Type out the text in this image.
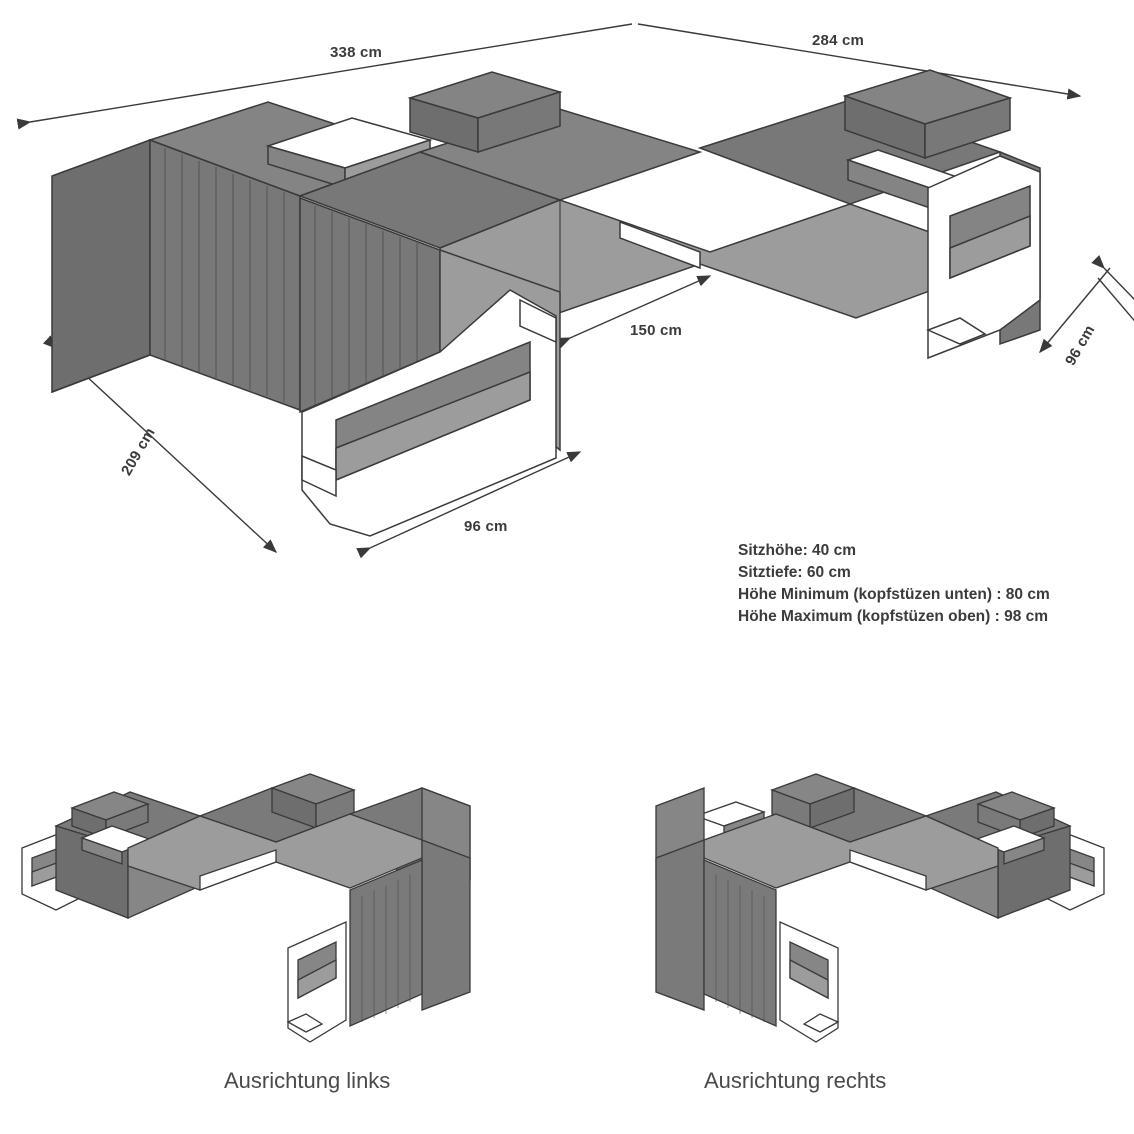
338 cm
284 cm
150 cm	96 cm
209 cm
96 cm
Sitzhöhe: 40 cm
Sitztiefe: 60 cm
Höhe Minimum (kopfstüzen unten) : 80 cm
Höhe Maximum (kopfstüzen oben) : 98 cm
Ausrichtung links	Ausrichtung rechts
